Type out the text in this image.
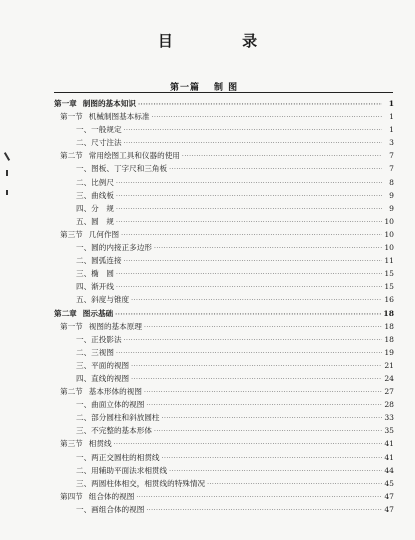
目 录
第一篇 制 图
第一章 制图的基本知识 ·····	1
第一节 机械制图基本标准 ·····	1
一、一般规定 ·····	1
二、尺寸注法 ·····	3
第二节 常用绘图工具和仪器的使用 ·····	7
一、图板、丁字尺和三角板 ·····	7
二、比例尺 ·····	8
三、曲线板 ·····	9
四、分　规 ·····	9
五、圆　规 ·····	10
第三节 几何作图 ·····	10
一、圆的内接正多边形 ·····	10
二、圆弧连接 ·····	11
三、椭　圆 ·····	15
四、渐开线 ·····	15
五、斜度与锥度 ·····	16
第二章 图示基础 ·····	18
第一节 视图的基本原理 ·····	18
一、正投影法 ·····	18
二、三视图 ·····	19
三、平面的视图 ·····	21
四、直线的视图 ·····	24
第二节 基本形体的视图 ·····	27
一、曲面立体的视图 ·····	28
二、部分圆柱和斜放圆柱 ·····	33
三、不完整的基本形体 ·····	35
第三节 相贯线 ·····	41
一、两正交圆柱的相贯线 ·····	41
二、用辅助平面法求相贯线 ·····	44
三、两圆柱体相交，相贯线的特殊情况 ·····	45
第四节 组合体的视图 ·····	47
一、画组合体的视图 ·····	47
